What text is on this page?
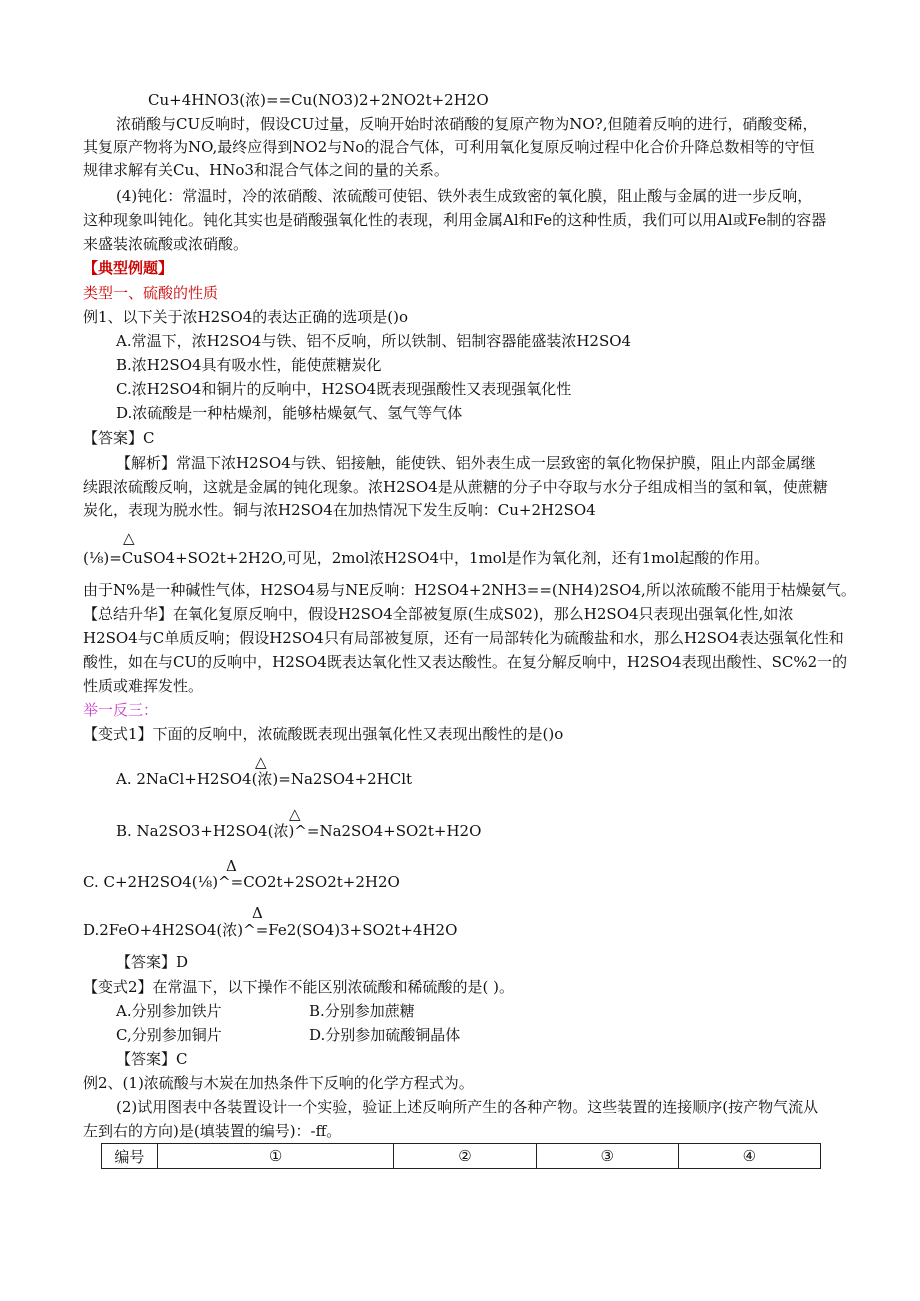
Cu+4HNO3(浓)==Cu(NO3)2+2NO2t+2H2O
浓硝酸与CU反响时，假设CU过量，反响开始时浓硝酸的复原产物为NO?,但随着反响的进行，硝酸变稀，
其复原产物将为NO,最终应得到NO2与No的混合气体，可利用氧化复原反响过程中化合价升降总数相等的守恒
规律求解有关Cu、HNo3和混合气体之间的量的关系。
(4)钝化：常温时，冷的浓硝酸、浓硫酸可使铝、铁外表生成致密的氧化膜，阻止酸与金属的进一步反响，
这种现象叫钝化。钝化其实也是硝酸强氧化性的表现，利用金属Al和Fe的这种性质，我们可以用Al或Fe制的容器
来盛装浓硫酸或浓硝酸。
【典型例题】
类型一、硫酸的性质
例1、以下关于浓H2SO4的表达正确的选项是()o
A.常温下，浓H2SO4与铁、铝不反响，所以铁制、铝制容器能盛装浓H2SO4
B.浓H2SO4具有吸水性，能使蔗糖炭化
C.浓H2SO4和铜片的反响中，H2SO4既表现强酸性又表现强氧化性
D.浓硫酸是一种枯燥剂，能够枯燥氨气、氢气等气体
【答案】C
【解析】常温下浓H2SO4与铁、铝接触，能使铁、铝外表生成一层致密的氧化物保护膜，阻止内部金属继
续跟浓硫酸反响，这就是金属的钝化现象。浓H2SO4是从蔗糖的分子中夺取与水分子组成相当的氢和氧，使蔗糖
炭化，表现为脱水性。铜与浓H2SO4在加热情况下发生反响：Cu+2H2SO4
△
(⅛)=CuSO4+SO2t+2H2O,可见，2mol浓H2SO4中，1mol是作为氧化剂，还有1mol起酸的作用。
由于N%是一种碱性气体，H2SO4易与NE反响：H2SO4+2NH3==(NH4)2SO4,所以浓硫酸不能用于枯燥氨气。
【总结升华】在氧化复原反响中，假设H2SO4全部被复原(生成S02)，那么H2SO4只表现出强氧化性,如浓
H2SO4与C单质反响；假设H2SO4只有局部被复原，还有一局部转化为硫酸盐和水，那么H2SO4表达强氧化性和
酸性，如在与CU的反响中，H2SO4既表达氧化性又表达酸性。在复分解反响中，H2SO4表现出酸性、SC%2一的
性质或难挥发性。
举一反三：
【变式1】下面的反响中，浓硫酸既表现出强氧化性又表现出酸性的是()o
△
A. 2NaCl+H2SO4(浓)=Na2SO4+2HClt
△
B. Na2SO3+H2SO4(浓)^=Na2SO4+SO2t+H2O
Δ
C. C+2H2SO4(⅛)^=CO2t+2SO2t+2H2O
Δ
D.2FeO+4H2SO4(浓)^=Fe2(SO4)3+SO2t+4H2O
【答案】D
【变式2】在常温下，以下操作不能区别浓硫酸和稀硫酸的是( )。
A.分别参加铁片	B.分别参加蔗糖
C,分别参加铜片	D.分别参加硫酸铜晶体
【答案】C
例2、(1)浓硫酸与木炭在加热条件下反响的化学方程式为。
(2)试用图表中各装置设计一个实验，验证上述反响所产生的各种产物。这些装置的连接顺序(按产物气流从
左到右的方向)是(填装置的编号)：-ff。
编号	①	②	③	④
